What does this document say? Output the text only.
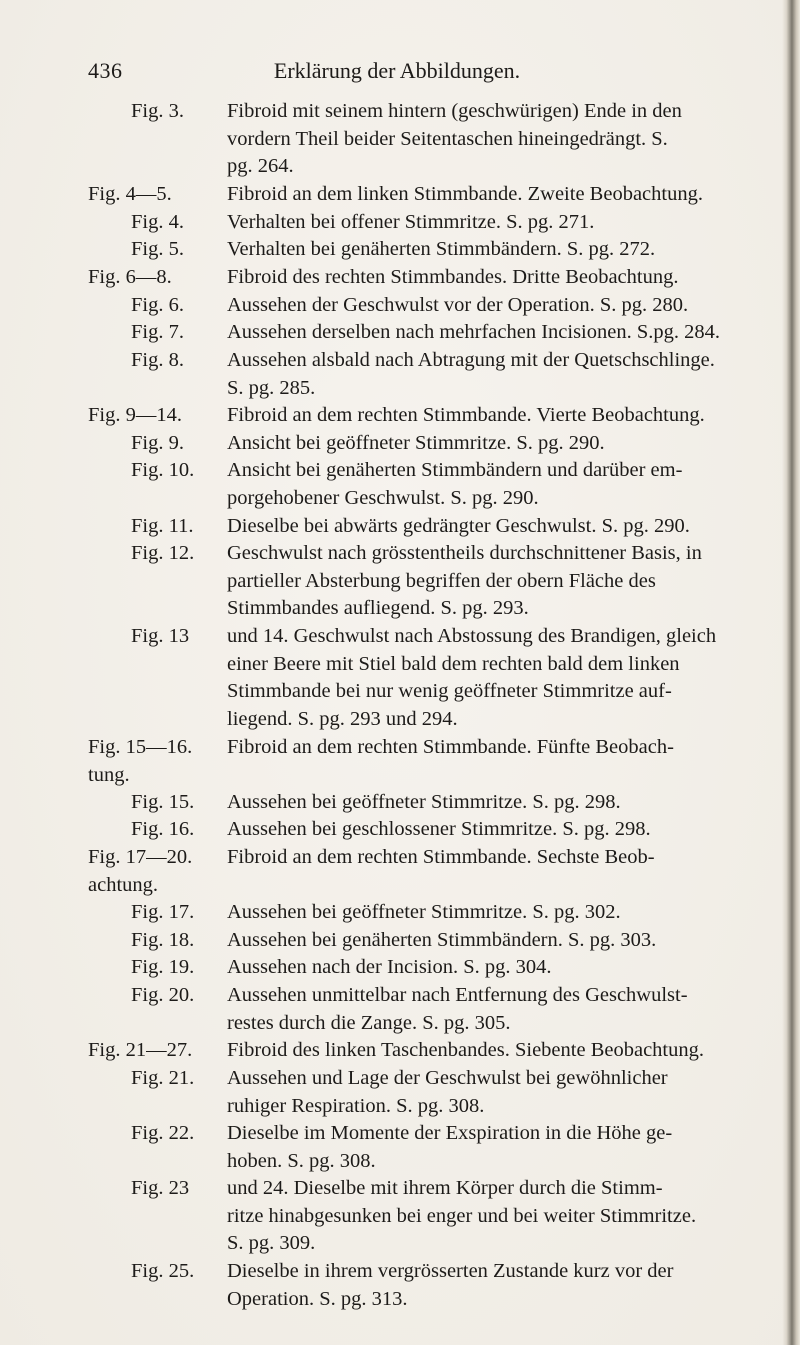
436	Erklärung der Abbildungen.
Fig. 3.	Fibroid mit seinem hintern (geschwürigen) Ende in den
vordern Theil beider Seitentaschen hineingedrängt. S.
pg. 264.
Fig. 4—5.	Fibroid an dem linken Stimmbande. Zweite Beobachtung.
Fig. 4.	Verhalten bei offener Stimmritze. S. pg. 271.
Fig. 5.	Verhalten bei genäherten Stimmbändern. S. pg. 272.
Fig. 6—8.	Fibroid des rechten Stimmbandes. Dritte Beobachtung.
Fig. 6.	Aussehen der Geschwulst vor der Operation. S. pg. 280.
Fig. 7.	Aussehen derselben nach mehrfachen Incisionen. S.pg. 284.
Fig. 8.	Aussehen alsbald nach Abtragung mit der Quetschschlinge.
S. pg. 285.
Fig. 9—14.	Fibroid an dem rechten Stimmbande. Vierte Beobachtung.
Fig. 9.	Ansicht bei geöffneter Stimmritze. S. pg. 290.
Fig. 10.	Ansicht bei genäherten Stimmbändern und darüber em-
porgehobener Geschwulst. S. pg. 290.
Fig. 11.	Dieselbe bei abwärts gedrängter Geschwulst. S. pg. 290.
Fig. 12.	Geschwulst nach grösstentheils durchschnittener Basis, in
partieller Absterbung begriffen der obern Fläche des
Stimmbandes aufliegend. S. pg. 293.
Fig. 13	und 14. Geschwulst nach Abstossung des Brandigen, gleich
einer Beere mit Stiel bald dem rechten bald dem linken
Stimmbande bei nur wenig geöffneter Stimmritze auf-
liegend. S. pg. 293 und 294.
Fig. 15—16.	Fibroid an dem rechten Stimmbande. Fünfte Beobach-
tung.
Fig. 15.	Aussehen bei geöffneter Stimmritze. S. pg. 298.
Fig. 16.	Aussehen bei geschlossener Stimmritze. S. pg. 298.
Fig. 17—20.	Fibroid an dem rechten Stimmbande. Sechste Beob-
achtung.
Fig. 17.	Aussehen bei geöffneter Stimmritze. S. pg. 302.
Fig. 18.	Aussehen bei genäherten Stimmbändern. S. pg. 303.
Fig. 19.	Aussehen nach der Incision. S. pg. 304.
Fig. 20.	Aussehen unmittelbar nach Entfernung des Geschwulst-
restes durch die Zange. S. pg. 305.
Fig. 21—27.	Fibroid des linken Taschenbandes. Siebente Beobachtung.
Fig. 21.	Aussehen und Lage der Geschwulst bei gewöhnlicher
ruhiger Respiration. S. pg. 308.
Fig. 22.	Dieselbe im Momente der Exspiration in die Höhe ge-
hoben. S. pg. 308.
Fig. 23	und 24. Dieselbe mit ihrem Körper durch die Stimm-
ritze hinabgesunken bei enger und bei weiter Stimmritze.
S. pg. 309.
Fig. 25.	Dieselbe in ihrem vergrösserten Zustande kurz vor der
Operation. S. pg. 313.
